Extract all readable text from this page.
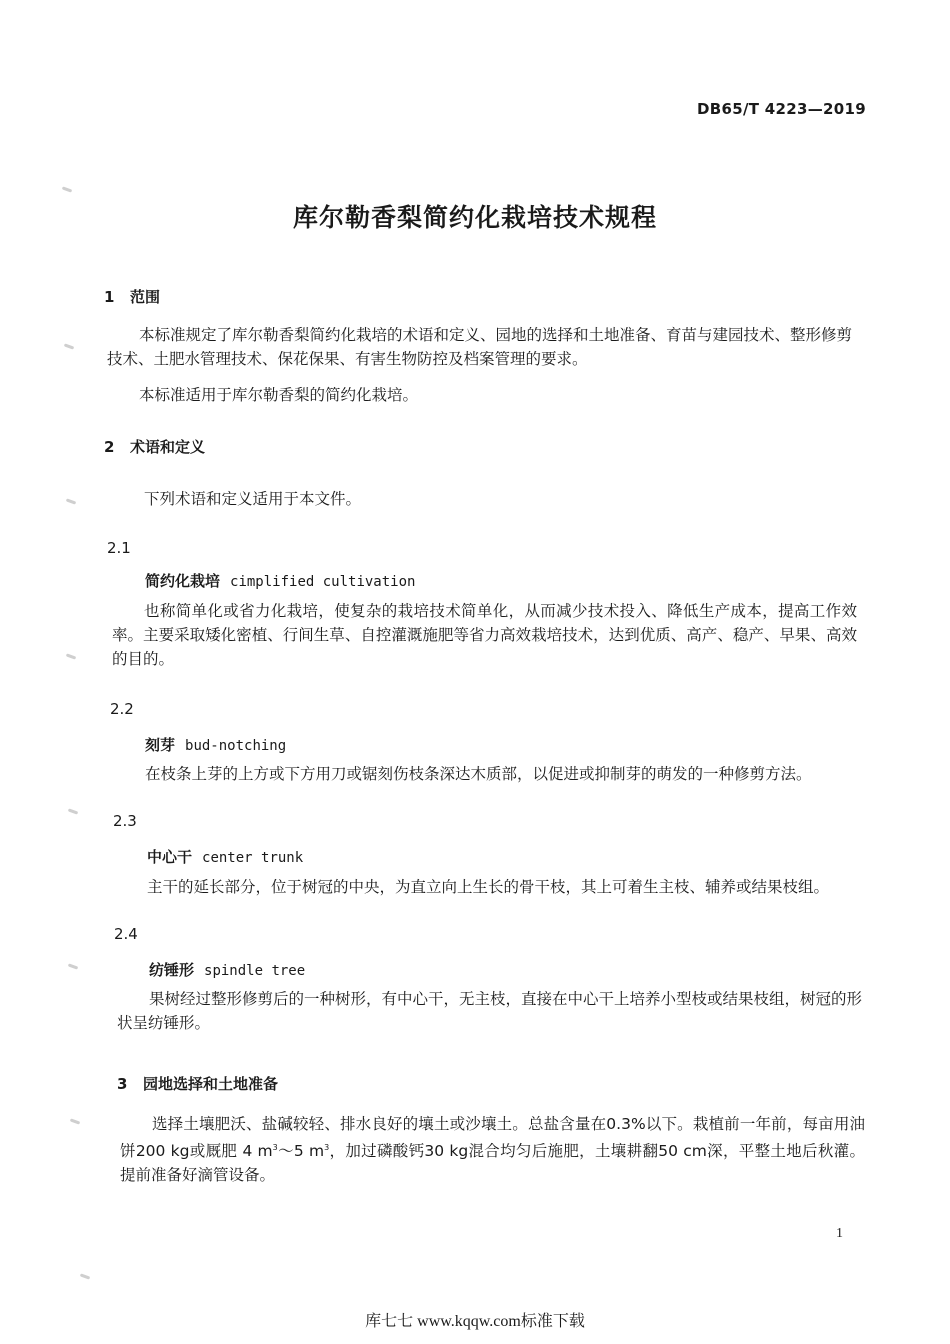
DB65/T 4223—2019
库尔勒香梨简约化栽培技术规程
1 范围
本标准规定了库尔勒香梨简约化栽培的术语和定义、园地的选择和土地准备、育苗与建园技术、整形修剪技术、土肥水管理技术、保花保果、有害生物防控及档案管理的要求。
本标准适用于库尔勒香梨的简约化栽培。
2 术语和定义
下列术语和定义适用于本文件。
2.1
简约化栽培 cimplified cultivation
也称简单化或省力化栽培，使复杂的栽培技术简单化，从而减少技术投入、降低生产成本，提高工作效率。主要采取矮化密植、行间生草、自控灌溉施肥等省力高效栽培技术，达到优质、高产、稳产、早果、高效的目的。
2.2
刻芽 bud-notching
在枝条上芽的上方或下方用刀或锯刻伤枝条深达木质部，以促进或抑制芽的萌发的一种修剪方法。
2.3
中心干 center trunk
主干的延长部分，位于树冠的中央，为直立向上生长的骨干枝，其上可着生主枝、辅养或结果枝组。
2.4
纺锤形 spindle tree
果树经过整形修剪后的一种树形，有中心干，无主枝，直接在中心干上培养小型枝或结果枝组，树冠的形状呈纺锤形。
3 园地选择和土地准备
选择土壤肥沃、盐碱较轻、排水良好的壤土或沙壤土。总盐含量在0.3%以下。栽植前一年前，每亩用油饼200 kg或厩肥 4 $m^3\sim 5$ $m^3$，加过磷酸钙30 kg混合均匀后施肥，土壤耕翻50 cm深，平整土地后秋灌。提前准备好滴管设备。
1
库七七 www.kqqw.com标准下载
